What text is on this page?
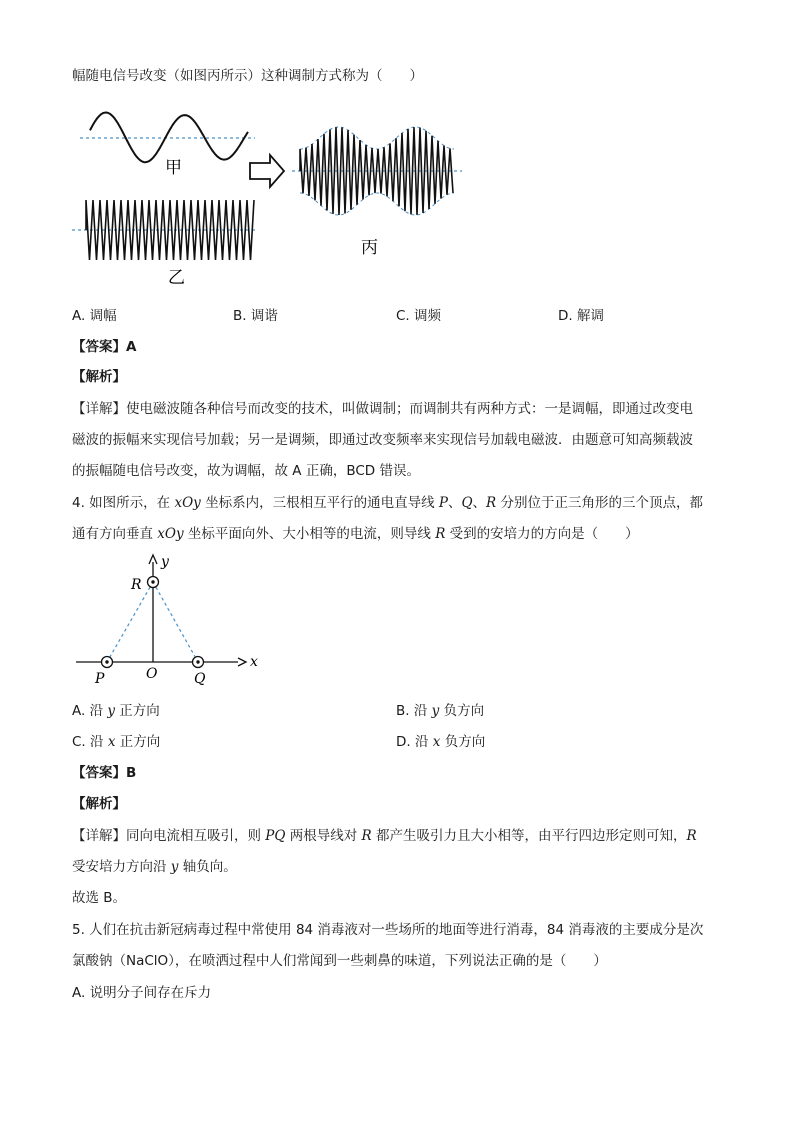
幅随电信号改变（如图丙所示）这种调制方式称为（　　）
甲
乙
丙
A. 调幅	B. 调谐	C. 调频	D. 解调
【答案】A
【解析】
【详解】使电磁波随各种信号而改变的技术，叫做调制；而调制共有两种方式：一是调幅，即通过改变电
磁波的振幅来实现信号加载；另一是调频，即通过改变频率来实现信号加载电磁波．由题意可知高频载波
的振幅随电信号改变，故为调幅，故 A 正确，BCD 错误。
4. 如图所示，在 xOy 坐标系内，三根相互平行的通电直导线 P、Q、R 分别位于正三角形的三个顶点，都
通有方向垂直 xOy 坐标平面向外、大小相等的电流，则导线 R 受到的安培力的方向是（　　）
y
x
R
O
P	Q
A. 沿 y 正方向	B. 沿 y 负方向
C. 沿 x 正方向	D. 沿 x 负方向
【答案】B
【解析】
【详解】同向电流相互吸引，则 PQ 两根导线对 R 都产生吸引力且大小相等，由平行四边形定则可知，R
受安培力方向沿 y 轴负向。
故选 B。
5. 人们在抗击新冠病毒过程中常使用 84 消毒液对一些场所的地面等进行消毒，84 消毒液的主要成分是次
氯酸钠（NaClO），在喷洒过程中人们常闻到一些刺鼻的味道，下列说法正确的是（　　）
A. 说明分子间存在斥力
